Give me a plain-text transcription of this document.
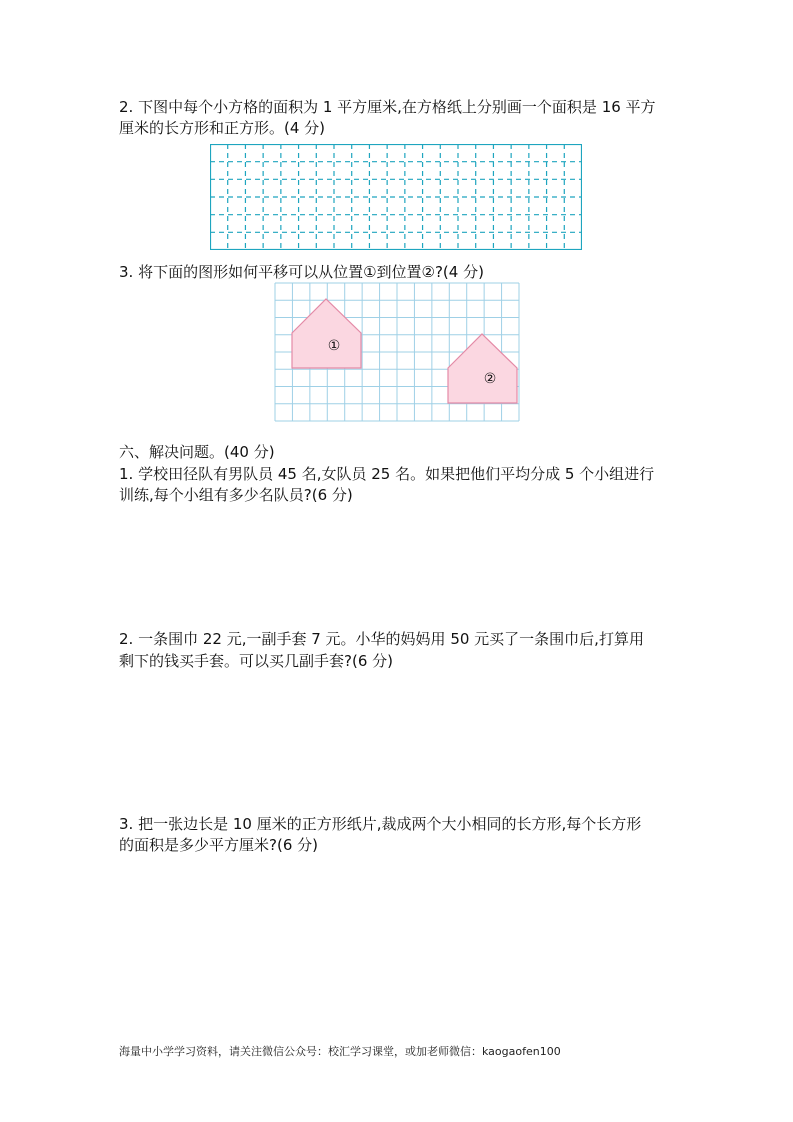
2. 下图中每个小方格的面积为 1 平方厘米,在方格纸上分别画一个面积是 16 平方
厘米的长方形和正方形。(4 分)
3. 将下面的图形如何平移可以从位置①到位置②?(4 分)
①
②
六、解决问题。(40 分)
1. 学校田径队有男队员 45 名,女队员 25 名。如果把他们平均分成 5 个小组进行
训练,每个小组有多少名队员?(6 分)
2. 一条围巾 22 元,一副手套 7 元。小华的妈妈用 50 元买了一条围巾后,打算用
剩下的钱买手套。可以买几副手套?(6 分)
3. 把一张边长是 10 厘米的正方形纸片,裁成两个大小相同的长方形,每个长方形
的面积是多少平方厘米?(6 分)
海量中小学学习资料，请关注微信公众号：校汇学习课堂，或加老师微信：kaogaofen100
